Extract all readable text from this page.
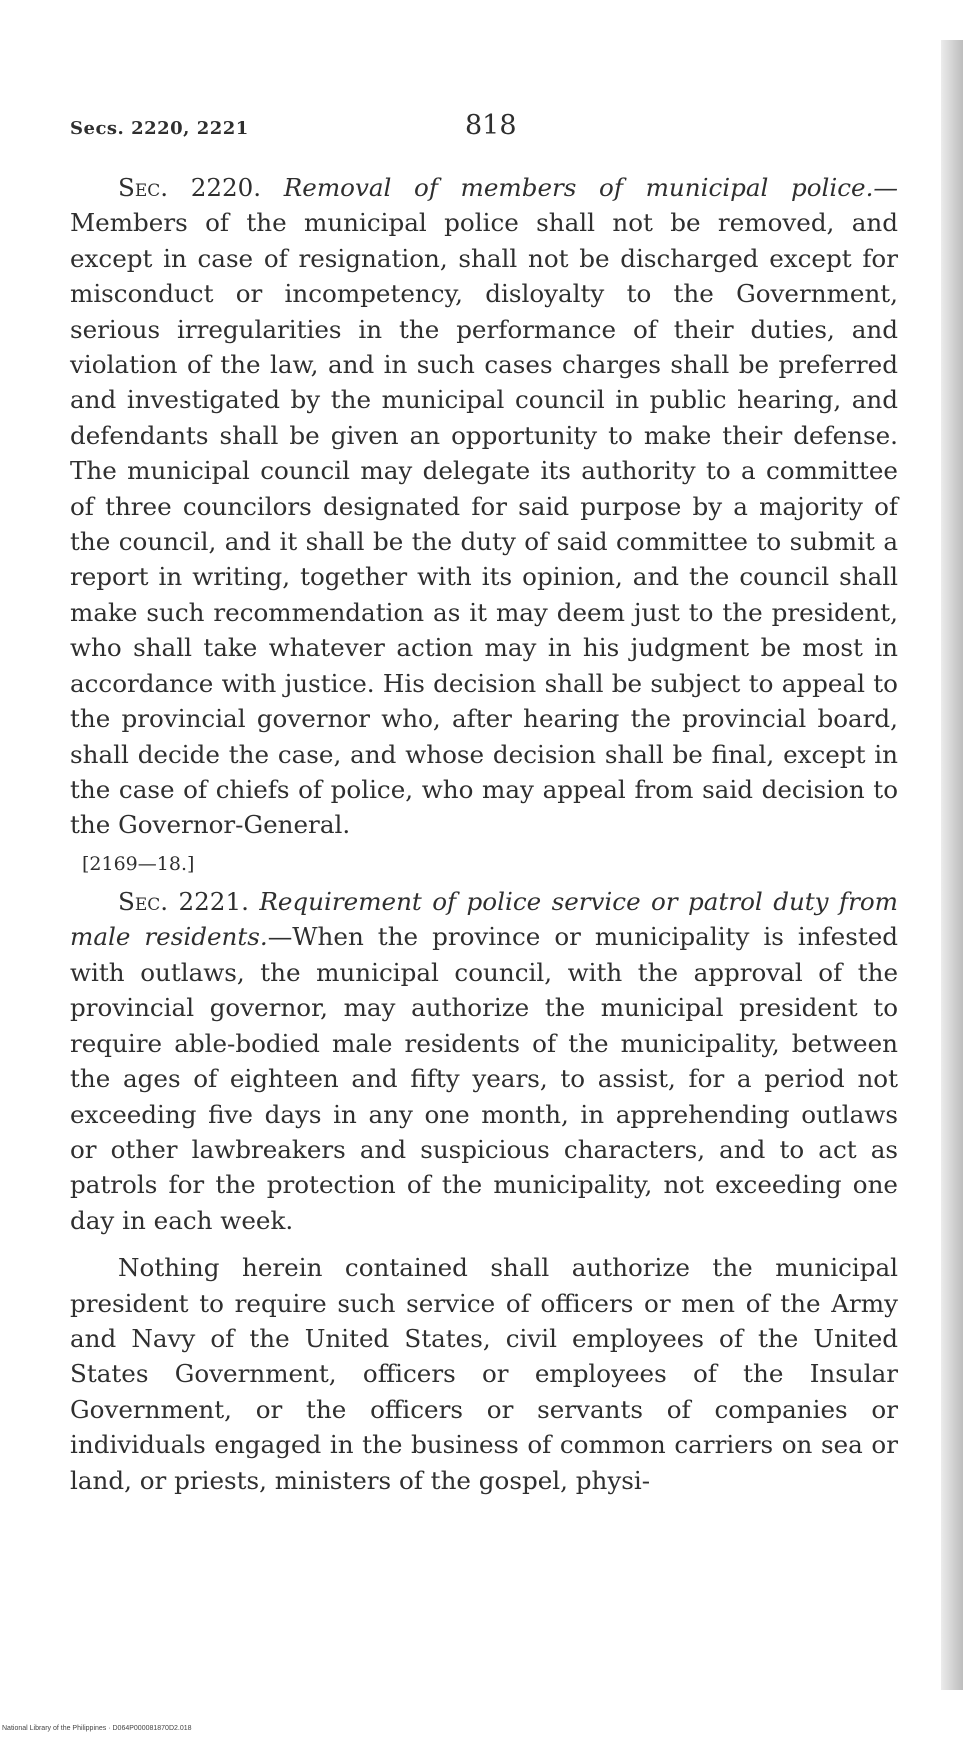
Secs. 2220, 2221	818

Sec. 2220. Removal of members of municipal police.—Members of the municipal police shall not be removed, and except in case of resignation, shall not be discharged except for misconduct or incompetency, disloyalty to the Government, serious irregularities in the performance of their duties, and violation of the law, and in such cases charges shall be preferred and investigated by the municipal council in public hearing, and defendants shall be given an opportunity to make their defense. The municipal council may delegate its authority to a committee of three councilors designated for said purpose by a majority of the council, and it shall be the duty of said committee to submit a report in writing, together with its opinion, and the council shall make such recommendation as it may deem just to the president, who shall take whatever action may in his judgment be most in accordance with justice. His decision shall be subject to appeal to the provincial governor who, after hearing the provincial board, shall decide the case, and whose decision shall be final, except in the case of chiefs of police, who may appeal from said decision to the Governor-General.

[2169—18.]

Sec. 2221. Requirement of police service or patrol duty from male residents.—When the province or municipality is infested with outlaws, the municipal council, with the approval of the provincial governor, may authorize the municipal president to require able-bodied male residents of the municipality, between the ages of eighteen and fifty years, to assist, for a period not exceeding five days in any one month, in apprehending outlaws or other lawbreakers and suspicious characters, and to act as patrols for the protection of the municipality, not exceeding one day in each week.

Nothing herein contained shall authorize the municipal president to require such service of officers or men of the Army and Navy of the United States, civil employees of the United States Government, officers or employees of the Insular Government, or the officers or servants of companies or individuals engaged in the business of common carriers on sea or land, or priests, ministers of the gospel, physi-

National Library of the Philippines · D064P000081870D2.018
